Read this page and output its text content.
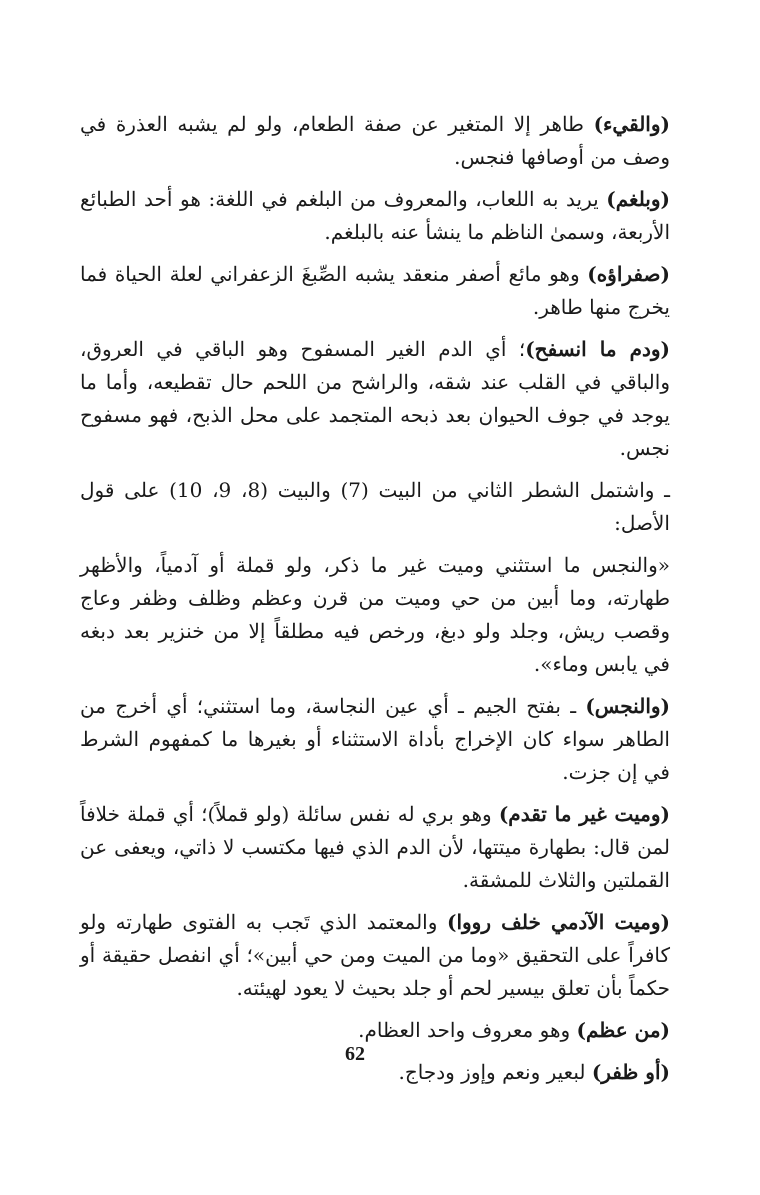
(والقيء) طاهر إلا المتغير عن صفة الطعام، ولو لم يشبه العذرة في وصف من أوصافها فنجس.

(وبلغم) يريد به اللعاب، والمعروف من البلغم في اللغة: هو أحد الطبائع الأربعة، وسمىٰ الناظم ما ينشأ عنه بالبلغم.

(صفراؤه) وهو مائع أصفر منعقد يشبه الصِّبغَ الزعفراني لعلة الحياة فما يخرج منها طاهر.

(ودم ما انسفح)؛ أي الدم الغير المسفوح وهو الباقي في العروق، والباقي في القلب عند شقه، والراشح من اللحم حال تقطيعه، وأما ما يوجد في جوف الحيوان بعد ذبحه المتجمد على محل الذبح، فهو مسفوح نجس.

ـ واشتمل الشطر الثاني من البيت (7) والبيت (8، 9، 10) على قول الأصل:

«والنجس ما استثني وميت غير ما ذكر، ولو قملة أو آدمياً، والأظهر طهارته، وما أبين من حي وميت من قرن وعظم وظلف وظفر وعاج وقصب ريش، وجلد ولو دبغ، ورخص فيه مطلقاً إلا من خنزير بعد دبغه في يابس وماء».

(والنجس) ـ بفتح الجيم ـ أي عين النجاسة، وما استثني؛ أي أخرج من الطاهر سواء كان الإخراج بأداة الاستثناء أو بغيرها ما كمفهوم الشرط في إن جزت.

(وميت غير ما تقدم) وهو بري له نفس سائلة (ولو قملاً)؛ أي قملة خلافاً لمن قال: بطهارة ميتتها، لأن الدم الذي فيها مكتسب لا ذاتي، ويعفى عن القملتين والثلاث للمشقة.

(وميت الآدمي خلف رووا) والمعتمد الذي تَجب به الفتوى طهارته ولو كافراً على التحقيق «وما من الميت ومن حي أبين»؛ أي انفصل حقيقة أو حكماً بأن تعلق بيسير لحم أو جلد بحيث لا يعود لهيئته.

(من عظم) وهو معروف واحد العظام.

(أو ظفر) لبعير ونعم وإوز ودجاج.

62
